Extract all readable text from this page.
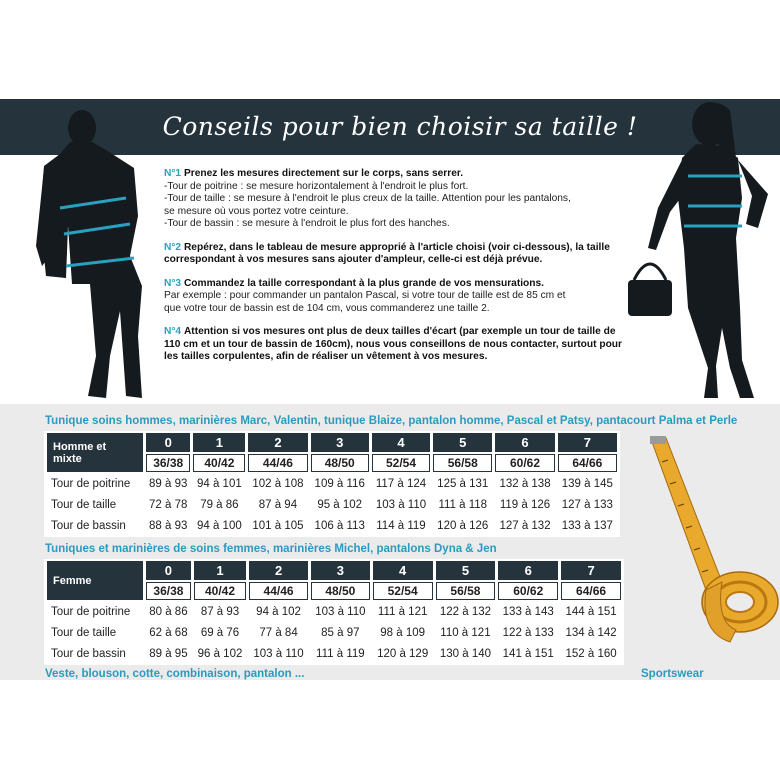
Conseils pour bien choisir sa taille !
N°1 Prenez les mesures directement sur le corps, sans serrer.
-Tour de poitrine : se mesure horizontalement à l'endroit le plus fort.
-Tour de taille : se mesure à l'endroit le plus creux de la taille. Attention pour les pantalons,
se mesure où vous portez votre ceinture.
-Tour de bassin : se mesure à l'endroit le plus fort des hanches.
N°2 Repérez, dans le tableau de mesure approprié à l'article choisi (voir ci-dessous), la taille correspondant à vos mesures sans ajouter d'ampleur, celle-ci est déjà prévue.
N°3 Commandez la taille correspondant à la plus grande de vos mensurations.
Par exemple : pour commander un pantalon Pascal, si votre tour de taille est de 85 cm et
que votre tour de bassin est de 104 cm, vous commanderez une taille 2.
N°4 Attention si vos mesures ont plus de deux tailles d'écart (par exemple un tour de taille de 110 cm et un tour de bassin de 160cm), nous vous conseillons de nous contacter, surtout pour les tailles corpulentes, afin de réaliser un vêtement à vos mesures.
Tunique soins hommes, marinières Marc, Valentin, tunique Blaize, pantalon homme, Pascal et Patsy, pantacourt Palma et Perle
Homme et mixte	0	1	2	3	4	5	6	7
	36/38	40/42	44/46	48/50	52/54	56/58	60/62	64/66
Tour de poitrine	89 à 93	94 à 101	102 à 108	109 à 116	117 à 124	125 à 131	132 à 138	139 à 145
Tour de taille	72 à 78	79 à 86	87 à 94	95 à 102	103 à 110	111 à 118	119 à 126	127 à 133
Tour de bassin	88 à 93	94 à 100	101 à 105	106 à 113	114 à 119	120 à 126	127 à 132	133 à 137
Tuniques et marinières de soins femmes, marinières Michel, pantalons Dyna & Jen
Femme	0	1	2	3	4	5	6	7
	36/38	40/42	44/46	48/50	52/54	56/58	60/62	64/66
Tour de poitrine	80 à 86	87 à 93	94 à 102	103 à 110	111 à 121	122 à 132	133 à 143	144 à 151
Tour de taille	62 à 68	69 à 76	77 à 84	85 à 97	98 à 109	110 à 121	122 à 133	134 à 142
Tour de bassin	89 à 95	96 à 102	103 à 110	111 à 119	120 à 129	130 à 140	141 à 151	152 à 160
Veste, blouson, cotte, combinaison, pantalon ...	Sportswear
